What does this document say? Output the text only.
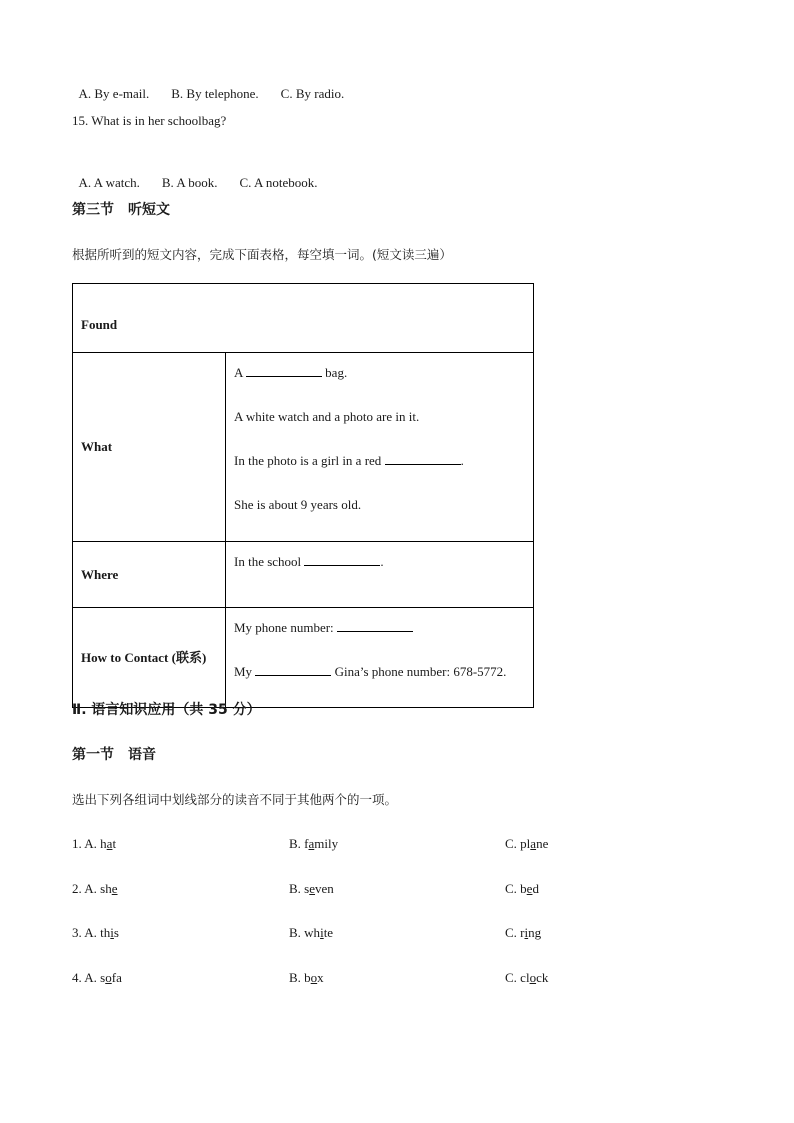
A. By e-mail. B. By telephone. C. By radio.

15. What is in her schoolbag?

A. A watch. B. A book. C. A notebook.

第三节　听短文
根据所听到的短文内容，完成下面表格，每空填一词。(短文读三遍）
Found	
What	A bag.
A white watch and a photo are in it.
In the photo is a girl in a red .
She is about 9 years old.

Where	In the school .
How to Contact (联系)	My phone number:
My Gina’s phone number: 678-5772.
Ⅱ. 语言知识应用（共 35 分）
第一节　语音
选出下列各组词中划线部分的读音不同于其他两个的一项。
1. A. hat	B. family	C. plane
2. A. she	B. seven	C. bed
3. A. this	B. white	C. ring
4. A. sofa	B. box	C. clock
